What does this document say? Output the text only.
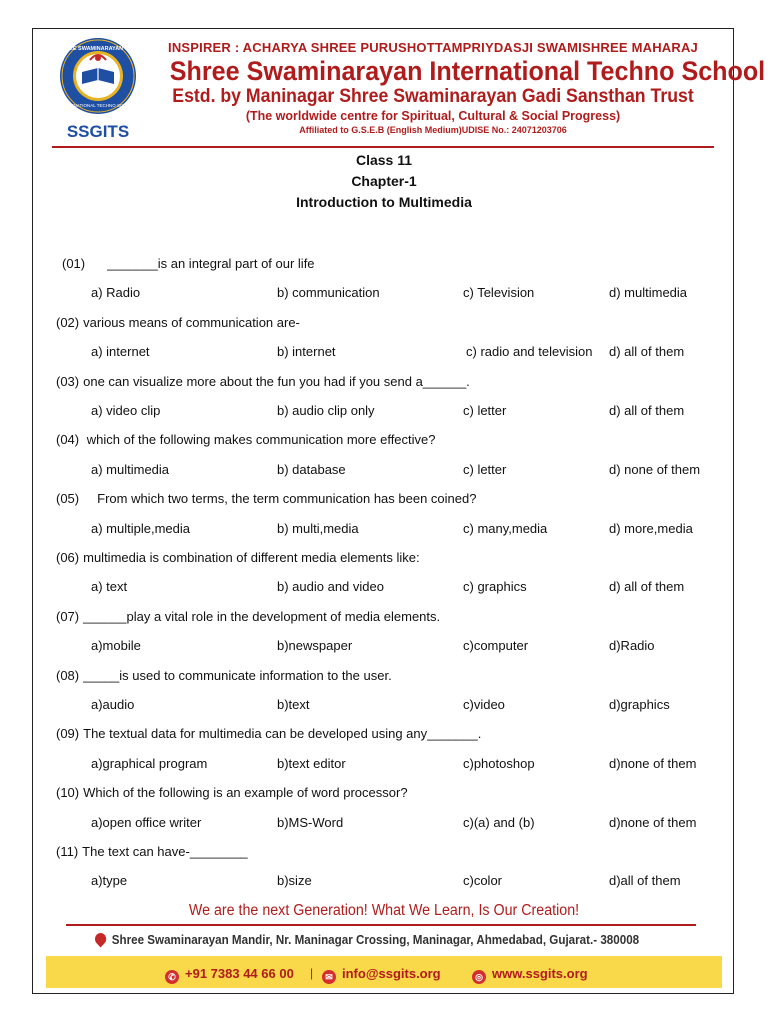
SHREE SWAMINARAYAN GADI
INTERNATIONAL TECHNO SCHOOL
SSGITS
INSPIRER : ACHARYA SHREE PURUSHOTTAMPRIYDASJI SWAMISHREE MAHARAJ
Shree Swaminarayan International Techno School
Estd. by Maninagar Shree Swaminarayan Gadi Sansthan Trust
(The worldwide centre for Spiritual, Cultural & Social Progress)
Affiliated to G.S.E.B (English Medium)UDISE No.: 24071203706
Class 11
Chapter-1
Introduction to Multimedia
(01) _______is an integral part of our life
a) Radio	b) communication	c) Television	d) multimedia
(02) various means of communication are-
a) internet	b) internet	c) radio and television d) all of them
(03) one can visualize more about the fun you had if you send a______.
a) video clip	b) audio clip only	c) letter	d) all of them
(04) which of the following makes communication more effective?
a) multimedia	b) database	c) letter	d) none of them
(05) From which two terms, the term communication has been coined?
a) multiple,media	b) multi,media	c) many,media	d) more,media
(06) multimedia is combination of different media elements like:
a) text	b) audio and video	c) graphics	d) all of them
(07) ______play a vital role in the development of media elements.
a)mobile	b)newspaper	c)computer	d)Radio
(08) _____is used to communicate information to the user.
a)audio	b)text	c)video	d)graphics
(09) The textual data for multimedia can be developed using any_______.
a)graphical program	b)text editor	c)photoshop	d)none of them
(10) Which of the following is an example of word processor?
a)open office writer	b)MS-Word	c)(a) and (b)	d)none of them
(11) The text can have-________
a)type	b)size	c)color	d)all of them
We are the next Generation! What We Learn, Is Our Creation!
Shree Swaminarayan Mandir, Nr. Maninagar Crossing, Maninagar, Ahmedabad, Gujarat.- 380008
✆ +91 7383 44 66 00 |	✉ info@ssgits.org	◎ www.ssgits.org
